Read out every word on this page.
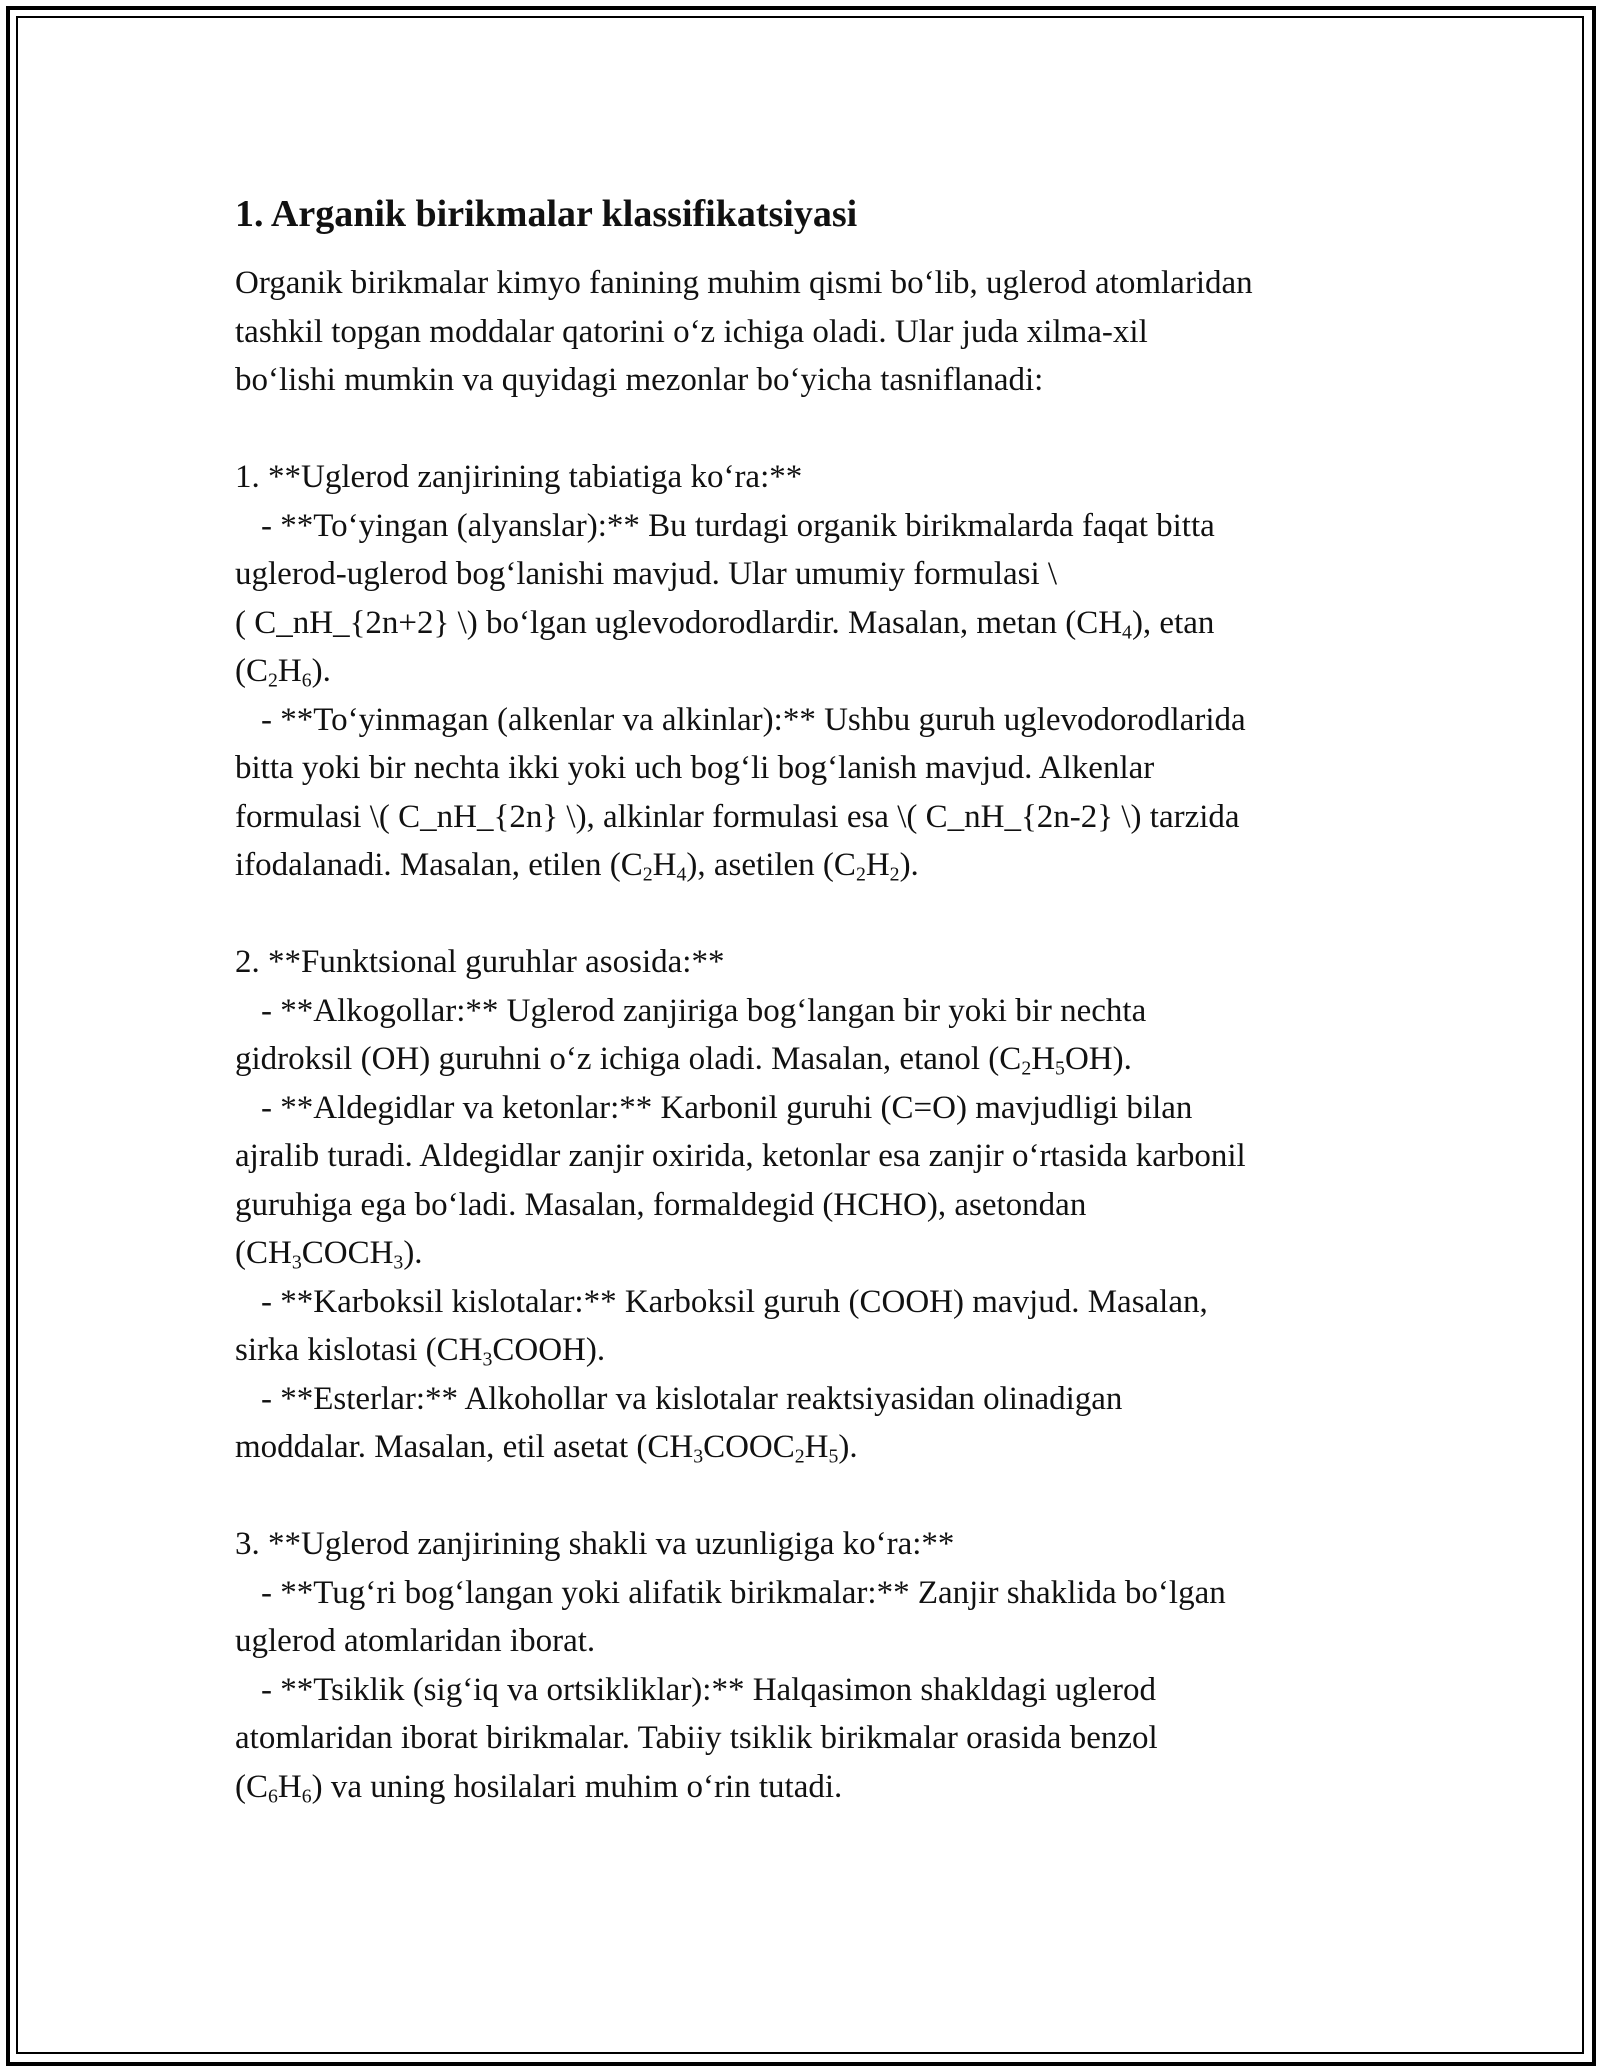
1. Arganik birikmalar klassifikatsiyasi
Organik birikmalar kimyo fanining muhim qismi bo‘lib, uglerod atomlaridan
tashkil topgan moddalar qatorini o‘z ichiga oladi. Ular juda xilma-xil
bo‘lishi mumkin va quyidagi mezonlar bo‘yicha tasniflanadi:
1. **Uglerod zanjirining tabiatiga ko‘ra:**
- **To‘yingan (alyanslar):** Bu turdagi organik birikmalarda faqat bitta
uglerod-uglerod bog‘lanishi mavjud. Ular umumiy formulasi \
( C_nH_{2n+2} \) bo‘lgan uglevodorodlardir. Masalan, metan $(CH_4)$, etan
$(C_2H_6)$.
- **To‘yinmagan (alkenlar va alkinlar):** Ushbu guruh uglevodorodlarida
bitta yoki bir nechta ikki yoki uch bog‘li bog‘lanish mavjud. Alkenlar
formulasi \( C_nH_{2n} \), alkinlar formulasi esa \( C_nH_{2n-2} \) tarzida
ifodalanadi. Masalan, etilen $(C_2H_4)$, asetilen $(C_2H_2)$.
2. **Funktsional guruhlar asosida:**
- **Alkogollar:** Uglerod zanjiriga bog‘langan bir yoki bir nechta
gidroksil (OH) guruhni o‘z ichiga oladi. Masalan, etanol $(C_2H_5OH)$.
- **Aldegidlar va ketonlar:** Karbonil guruhi (C=O) mavjudligi bilan
ajralib turadi. Aldegidlar zanjir oxirida, ketonlar esa zanjir o‘rtasida karbonil
guruhiga ega bo‘ladi. Masalan, formaldegid (HCHO), asetondan
$(CH_3COCH_3)$.
- **Karboksil kislotalar:** Karboksil guruh (COOH) mavjud. Masalan,
sirka kislotasi $(CH_3COOH)$.
- **Esterlar:** Alkohollar va kislotalar reaktsiyasidan olinadigan
moddalar. Masalan, etil asetat $(CH_3COOC_2H_5)$.
3. **Uglerod zanjirining shakli va uzunligiga ko‘ra:**
- **Tug‘ri bog‘langan yoki alifatik birikmalar:** Zanjir shaklida bo‘lgan
uglerod atomlaridan iborat.
- **Tsiklik (sig‘iq va ortsikliklar):** Halqasimon shakldagi uglerod
atomlaridan iborat birikmalar. Tabiiy tsiklik birikmalar orasida benzol
$(C_6H_6)$ va uning hosilalari muhim o‘rin tutadi.
